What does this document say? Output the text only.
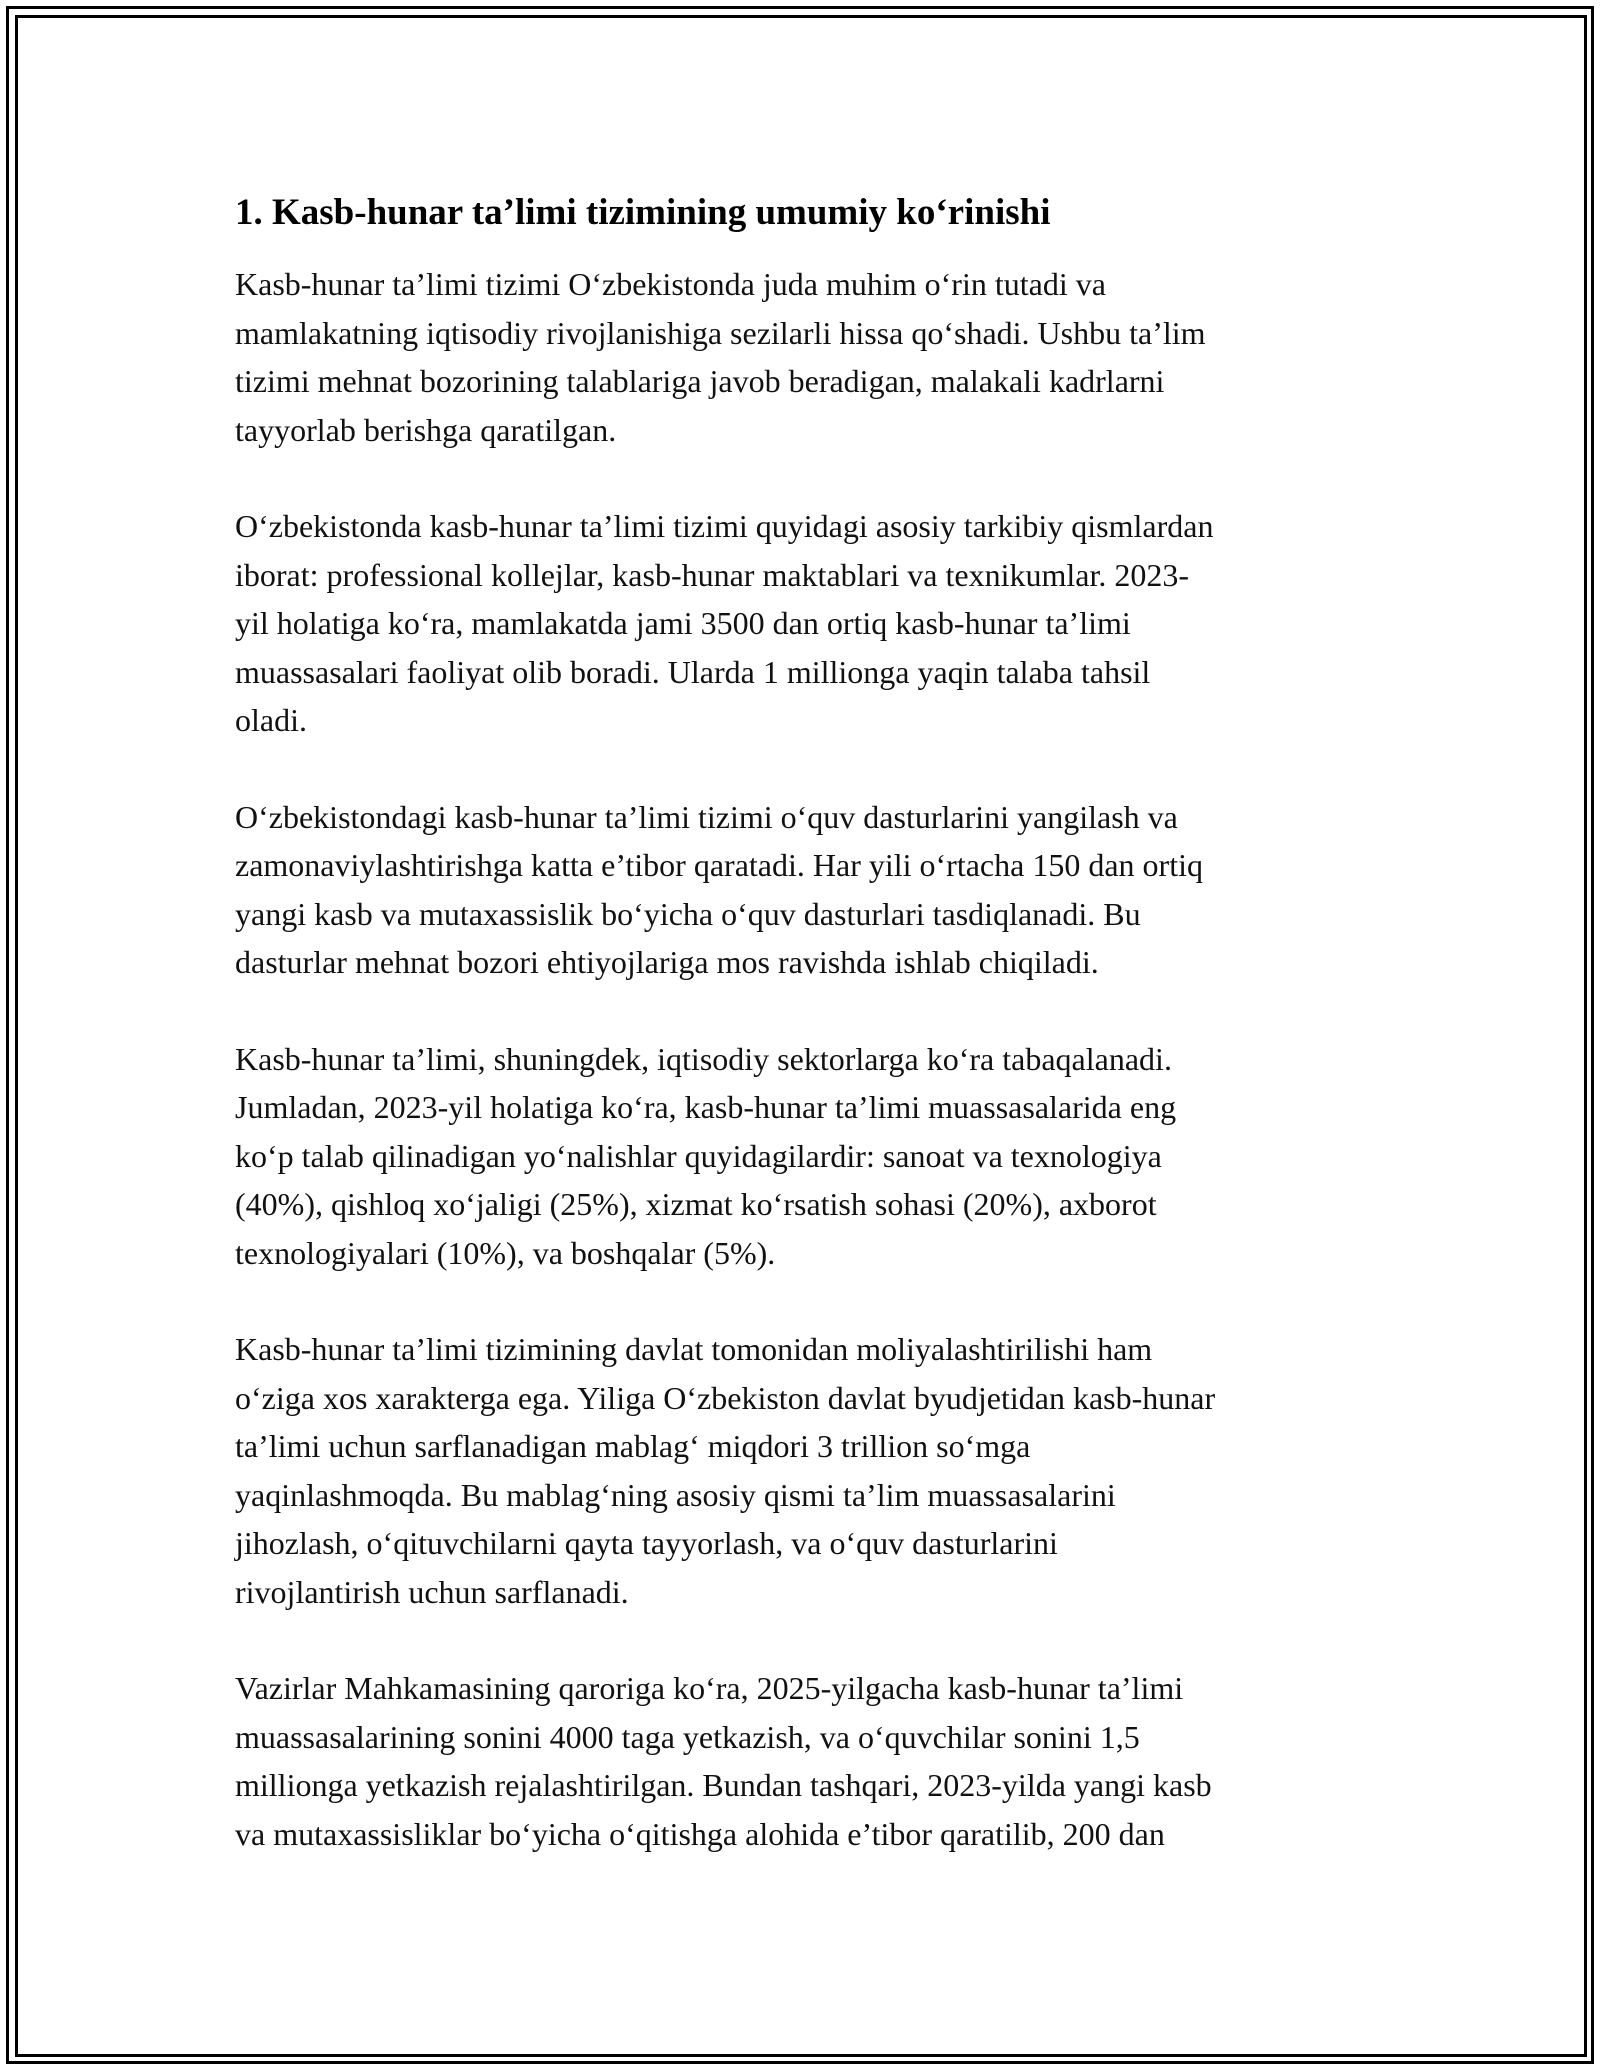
1. Kasb-hunar ta’limi tizimining umumiy ko‘rinishi

Kasb-hunar ta’limi tizimi O‘zbekistonda juda muhim o‘rin tutadi va
mamlakatning iqtisodiy rivojlanishiga sezilarli hissa qo‘shadi. Ushbu ta’lim
tizimi mehnat bozorining talablariga javob beradigan, malakali kadrlarni
tayyorlab berishga qaratilgan.

O‘zbekistonda kasb-hunar ta’limi tizimi quyidagi asosiy tarkibiy qismlardan
iborat: professional kollejlar, kasb-hunar maktablari va texnikumlar. 2023-
yil holatiga ko‘ra, mamlakatda jami 3500 dan ortiq kasb-hunar ta’limi
muassasalari faoliyat olib boradi. Ularda 1 millionga yaqin talaba tahsil
oladi.

O‘zbekistondagi kasb-hunar ta’limi tizimi o‘quv dasturlarini yangilash va
zamonaviylashtirishga katta e’tibor qaratadi. Har yili o‘rtacha 150 dan ortiq
yangi kasb va mutaxassislik bo‘yicha o‘quv dasturlari tasdiqlanadi. Bu
dasturlar mehnat bozori ehtiyojlariga mos ravishda ishlab chiqiladi.

Kasb-hunar ta’limi, shuningdek, iqtisodiy sektorlarga ko‘ra tabaqalanadi.
Jumladan, 2023-yil holatiga ko‘ra, kasb-hunar ta’limi muassasalarida eng
ko‘p talab qilinadigan yo‘nalishlar quyidagilardir: sanoat va texnologiya
(40%), qishloq xo‘jaligi (25%), xizmat ko‘rsatish sohasi (20%), axborot
texnologiyalari (10%), va boshqalar (5%).

Kasb-hunar ta’limi tizimining davlat tomonidan moliyalashtirilishi ham
o‘ziga xos xarakterga ega. Yiliga O‘zbekiston davlat byudjetidan kasb-hunar
ta’limi uchun sarflanadigan mablag‘ miqdori 3 trillion so‘mga
yaqinlashmoqda. Bu mablag‘ning asosiy qismi ta’lim muassasalarini
jihozlash, o‘qituvchilarni qayta tayyorlash, va o‘quv dasturlarini
rivojlantirish uchun sarflanadi.

Vazirlar Mahkamasining qaroriga ko‘ra, 2025-yilgacha kasb-hunar ta’limi
muassasalarining sonini 4000 taga yetkazish, va o‘quvchilar sonini 1,5
millionga yetkazish rejalashtirilgan. Bundan tashqari, 2023-yilda yangi kasb
va mutaxassisliklar bo‘yicha o‘qitishga alohida e’tibor qaratilib, 200 dan
